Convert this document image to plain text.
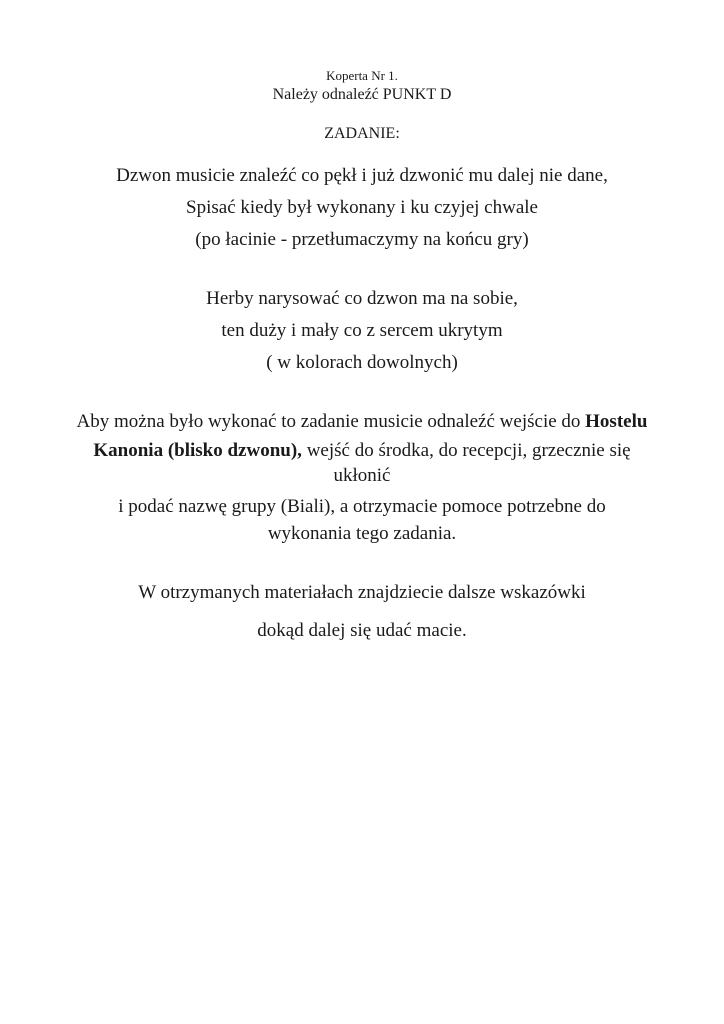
Koperta Nr 1.
Należy odnaleźć PUNKT D
ZADANIE:
Dzwon musicie znaleźć co pękł i już dzwonić mu dalej nie dane,
Spisać kiedy był wykonany i ku czyjej chwale
(po łacinie - przetłumaczymy na końcu gry)
Herby narysować co dzwon ma na sobie,
ten duży i mały co z sercem ukrytym
( w kolorach dowolnych)
Aby można było wykonać to zadanie musicie odnaleźć wejście do Hostelu
Kanonia (blisko dzwonu), wejść do środka, do recepcji, grzecznie się
ukłonić
i podać nazwę grupy (Biali), a otrzymacie pomoce potrzebne do
wykonania tego zadania.
W otrzymanych materiałach znajdziecie dalsze wskazówki
dokąd dalej się udać macie.
